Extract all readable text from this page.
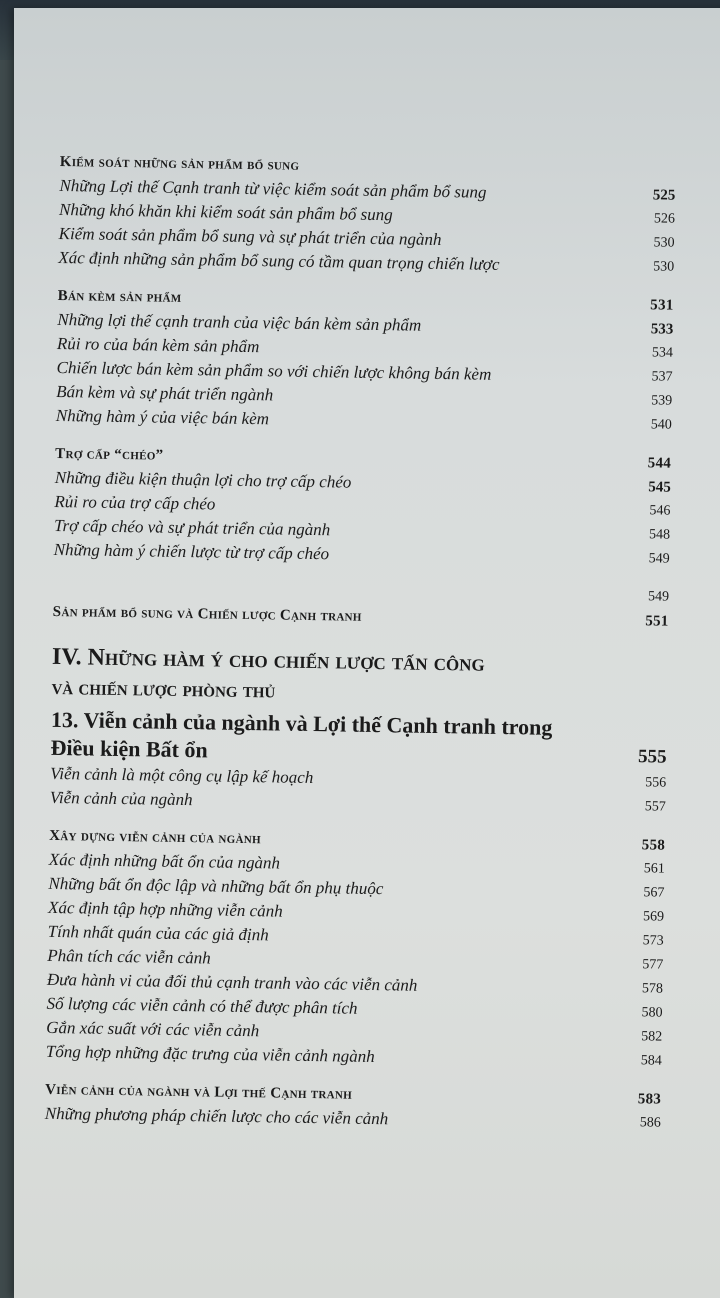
Kiểm soát những sản phẩm bổ sung
Những Lợi thế Cạnh tranh từ việc kiểm soát sản phẩm bổ sung	525
Những khó khăn khi kiểm soát sản phẩm bổ sung	526
Kiểm soát sản phẩm bổ sung và sự phát triển của ngành	530
Xác định những sản phẩm bổ sung có tầm quan trọng chiến lược	530
Bán kèm sản phẩm	531
Những lợi thế cạnh tranh của việc bán kèm sản phẩm	533
Rủi ro của bán kèm sản phẩm	534
Chiến lược bán kèm sản phẩm so với chiến lược không bán kèm	537
Bán kèm và sự phát triển ngành	539
Những hàm ý của việc bán kèm	540
Trợ cấp “chéo”	544
Những điều kiện thuận lợi cho trợ cấp chéo	545
Rủi ro của trợ cấp chéo	546
Trợ cấp chéo và sự phát triển của ngành	548
Những hàm ý chiến lược từ trợ cấp chéo	549
549
Sản phẩm bổ sung và Chiến lược Cạnh tranh	551
IV. Những hàm ý cho chiến lược tấn công
và chiến lược phòng thủ
13. Viễn cảnh của ngành và Lợi thế Cạnh tranh trong
Điều kiện Bất ổn	555
Viễn cảnh là một công cụ lập kế hoạch	556
Viễn cảnh của ngành	557
Xây dựng viễn cảnh của ngành	558
Xác định những bất ổn của ngành	561
Những bất ổn độc lập và những bất ổn phụ thuộc	567
Xác định tập hợp những viễn cảnh	569
Tính nhất quán của các giả định	573
Phân tích các viễn cảnh	577
Đưa hành vi của đối thủ cạnh tranh vào các viễn cảnh	578
Số lượng các viễn cảnh có thể được phân tích	580
Gắn xác suất với các viễn cảnh	582
Tổng hợp những đặc trưng của viễn cảnh ngành	584
Viễn cảnh của ngành và Lợi thế Cạnh tranh	583
Những phương pháp chiến lược cho các viễn cảnh	586
